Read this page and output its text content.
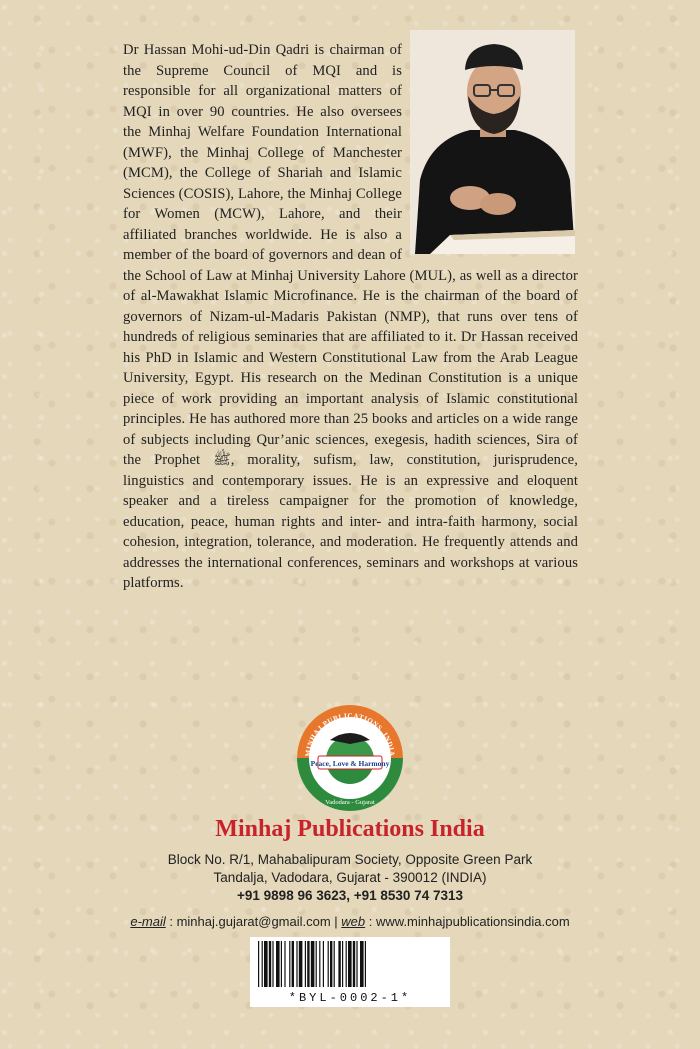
Dr Hassan Mohi-ud-Din Qadri is chairman of the Supreme Council of MQI and is responsible for all organizational matters of MQI in over 90 countries. He also oversees the Minhaj Welfare Foundation International (MWF), the Minhaj College of Manchester (MCM), the College of Shariah and Islamic Sciences (COSIS), Lahore, the Minhaj College for Women (MCW), Lahore, and their affiliated branches worldwide. He is also a member of the board of governors and dean of the School of Law at Minhaj University Lahore (MUL), as well as a director of al-Mawakhat Islamic Microfinance. He is the chairman of the board of governors of Nizam-ul-Madaris Pakistan (NMP), that runs over tens of hundreds of religious seminaries that are affiliated to it. Dr Hassan received his PhD in Islamic and Western Constitutional Law from the Arab League University, Egypt. His research on the Medinan Constitution is a unique piece of work providing an important analysis of Islamic constitutional principles. He has authored more than 25 books and articles on a wide range of subjects including Qur’anic sciences, exegesis, hadith sciences, Sira of the Prophet ﷺ, morality, sufism, law, constitution, jurisprudence, linguistics and contemporary issues. He is an expressive and eloquent speaker and a tireless campaigner for the promotion of knowledge, education, peace, human rights and inter- and intra-faith harmony, social cohesion, integration, tolerance, and moderation. He frequently attends and addresses the international conferences, seminars and workshops at various platforms.

Peace, Love & Harmony
MINHAJ PUBLICATIONS, INDIA
Vadodara - Gujarat
Minhaj Publications India
Block No. R/1, Mahabalipuram Society, Opposite Green Park
Tandalja, Vadodara, Gujarat - 390012 (INDIA)
+91 9898 96 3623, +91 8530 74 7313
e-mail : minhaj.gujarat@gmail.com | web : www.minhajpublicationsindia.com
*BYL-0002-1*
